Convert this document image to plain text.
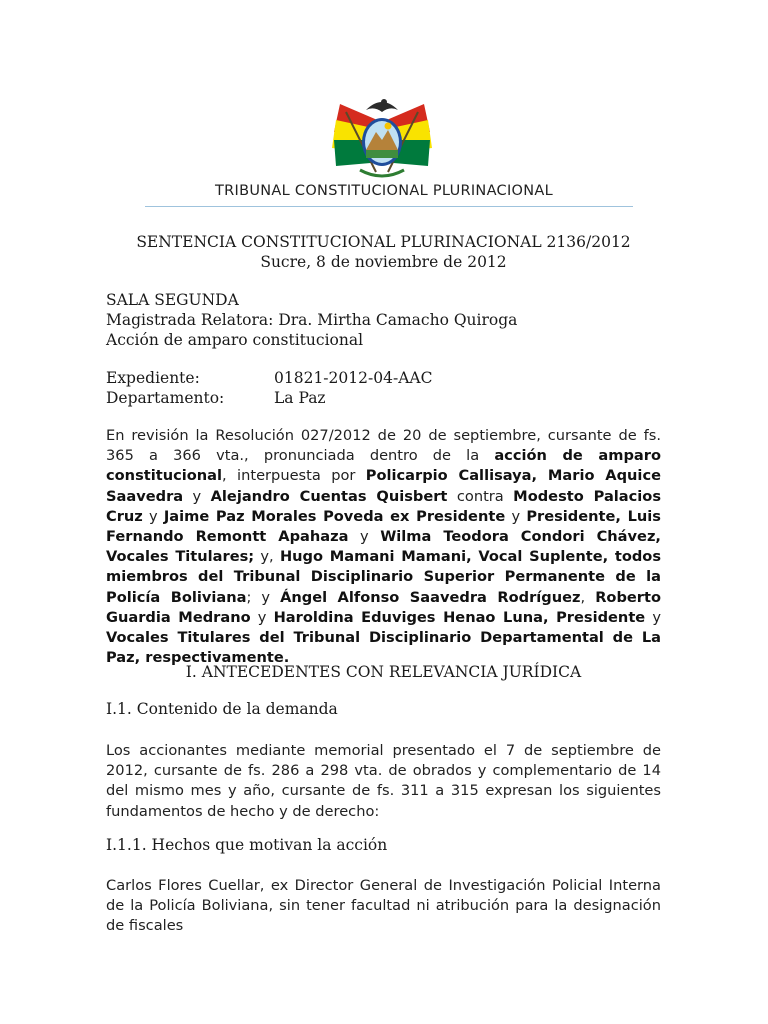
TRIBUNAL CONSTITUCIONAL PLURINACIONAL
SENTENCIA CONSTITUCIONAL PLURINACIONAL 2136/2012
Sucre, 8 de noviembre de 2012
SALA SEGUNDA
Magistrada Relatora: Dra. Mirtha Camacho Quiroga
Acción de amparo constitucional
Expediente:	01821-2012-04-AAC
Departamento:	La Paz
En revisión la Resolución 027/2012 de 20 de septiembre, cursante de fs. 365 a 366 vta., pronunciada dentro de la acción de amparo constitucional, interpuesta por Policarpio Callisaya, Mario Aquice Saavedra y Alejandro Cuentas Quisbert contra Modesto Palacios Cruz y Jaime Paz Morales Poveda ex Presidente y Presidente, Luis Fernando Remontt Apahaza y Wilma Teodora Condori Chávez, Vocales Titulares; y, Hugo Mamani Mamani, Vocal Suplente, todos miembros del Tribunal Disciplinario Superior Permanente de la Policía Boliviana; y Ángel Alfonso Saavedra Rodríguez, Roberto Guardia Medrano y Haroldina Eduviges Henao Luna, Presidente y Vocales Titulares del Tribunal Disciplinario Departamental de La Paz, respectivamente.
I. ANTECEDENTES CON RELEVANCIA JURÍDICA
I.1. Contenido de la demanda
Los accionantes mediante memorial presentado el 7 de septiembre de 2012, cursante de fs. 286 a 298 vta. de obrados y complementario de 14 del mismo mes y año, cursante de fs. 311 a 315 expresan los siguientes fundamentos de hecho y de derecho:
I.1.1. Hechos que motivan la acción
Carlos Flores Cuellar, ex Director General de Investigación Policial Interna de la Policía Boliviana, sin tener facultad ni atribución para la designación de fiscales
